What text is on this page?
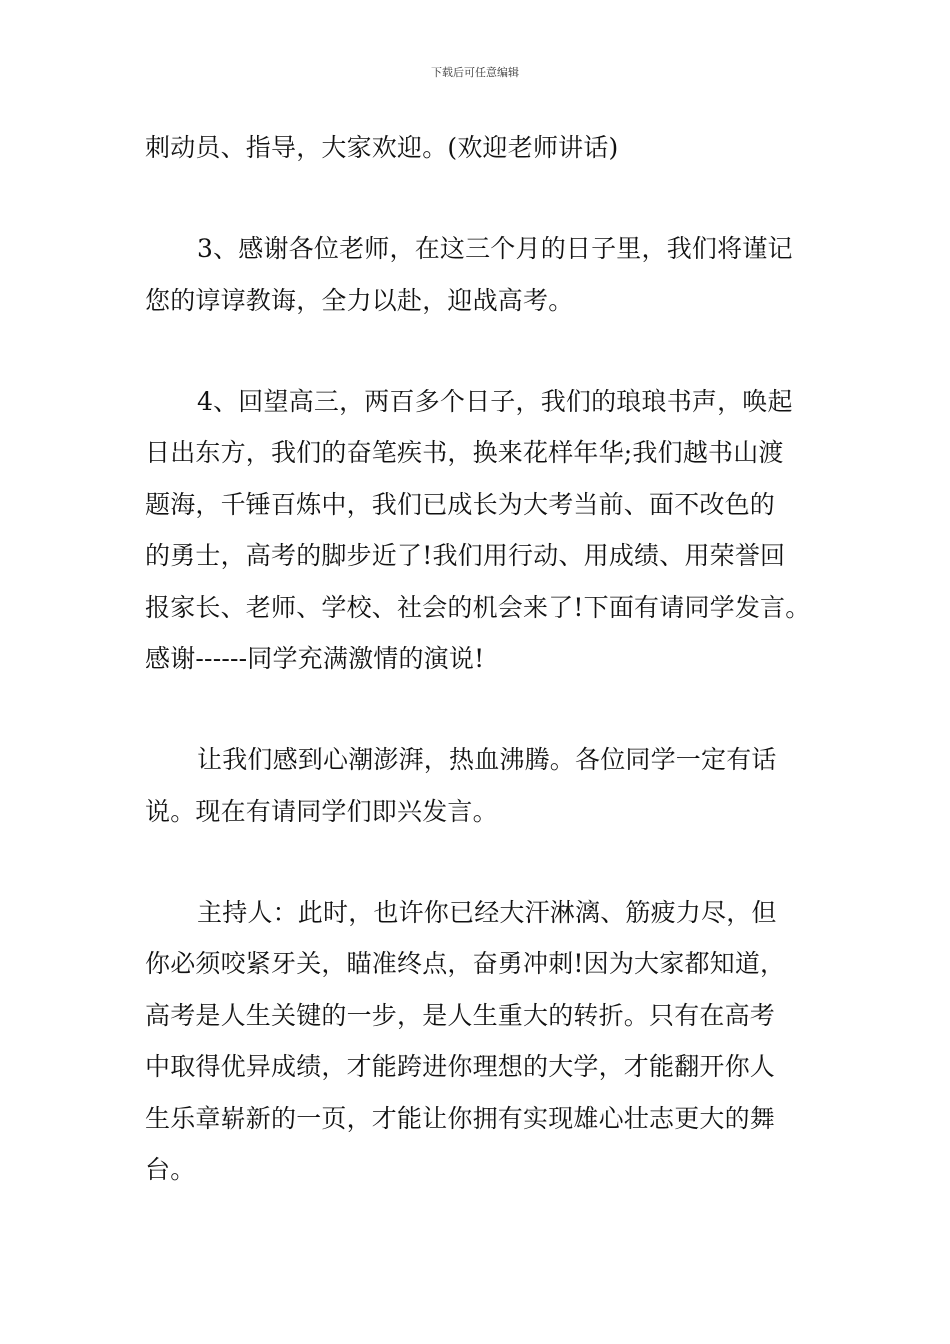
下载后可任意编辑
刺动员、指导，大家欢迎。(欢迎老师讲话)
3、感谢各位老师，在这三个月的日子里，我们将谨记
您的谆谆教诲，全力以赴，迎战高考。
4、回望高三，两百多个日子，我们的琅琅书声，唤起
日出东方，我们的奋笔疾书，换来花样年华;我们越书山渡
题海，千锤百炼中，我们已成长为大考当前、面不改色的
的勇士，高考的脚步近了!我们用行动、用成绩、用荣誉回
报家长、老师、学校、社会的机会来了!下面有请同学发言。
感谢------同学充满激情的演说!
让我们感到心潮澎湃，热血沸腾。各位同学一定有话
说。现在有请同学们即兴发言。
主持人：此时，也许你已经大汗淋漓、筋疲力尽，但
你必须咬紧牙关，瞄准终点，奋勇冲刺!因为大家都知道，
高考是人生关键的一步，是人生重大的转折。只有在高考
中取得优异成绩，才能跨进你理想的大学，才能翻开你人
生乐章崭新的一页，才能让你拥有实现雄心壮志更大的舞
台。
